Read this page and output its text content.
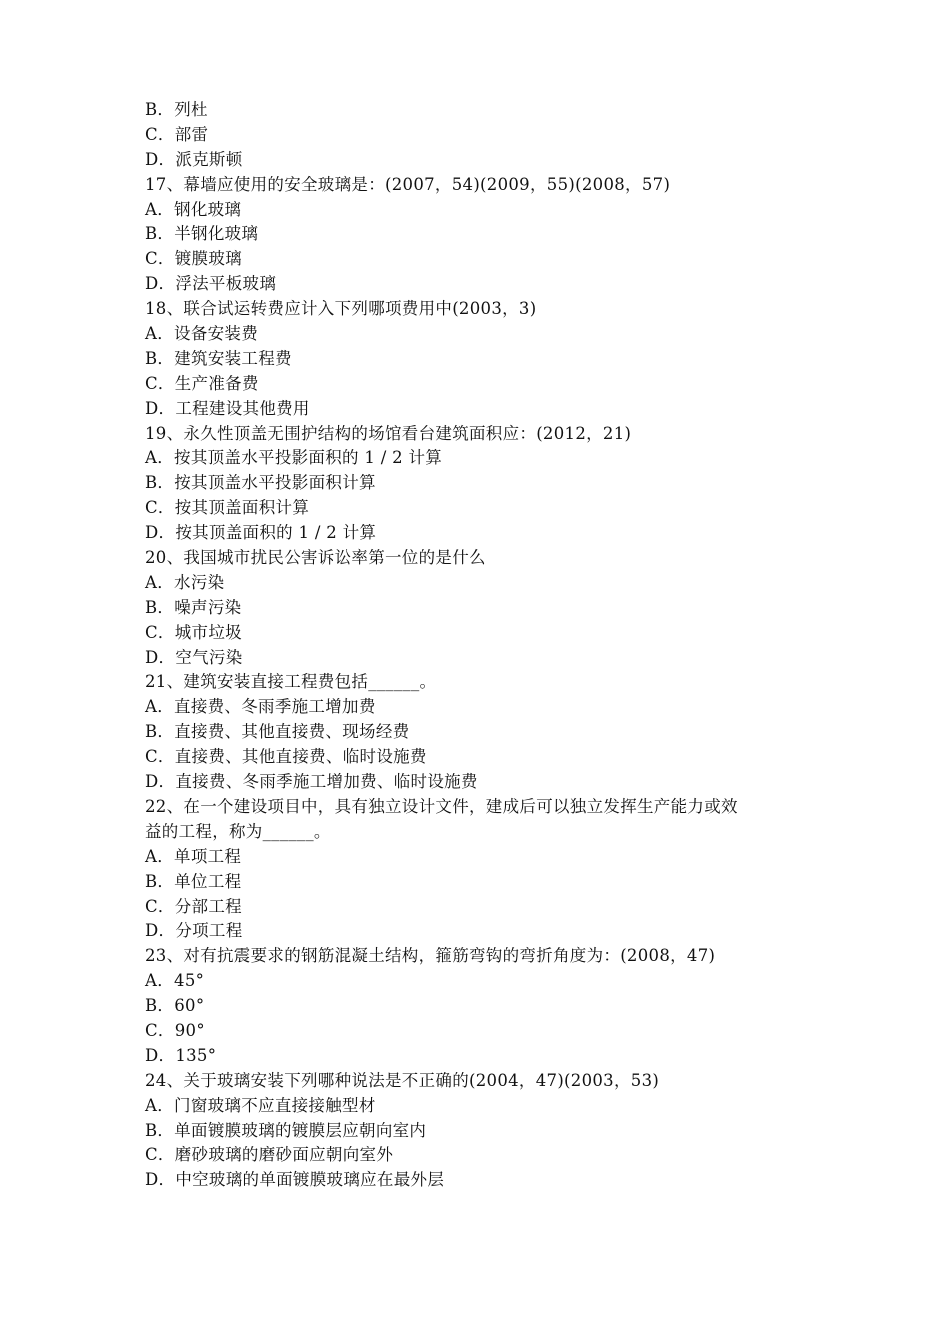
B．列杜
C．部雷
D．派克斯顿
17、幕墙应使用的安全玻璃是：(2007，54)(2009，55)(2008，57)
A．钢化玻璃
B．半钢化玻璃
C．镀膜玻璃
D．浮法平板玻璃
18、联合试运转费应计入下列哪项费用中(2003，3)
A．设备安装费
B．建筑安装工程费
C．生产准备费
D．工程建设其他费用
19、永久性顶盖无围护结构的场馆看台建筑面积应：(2012，21)
A．按其顶盖水平投影面积的 1 / 2 计算
B．按其顶盖水平投影面积计算
C．按其顶盖面积计算
D．按其顶盖面积的 1 / 2 计算
20、我国城市扰民公害诉讼率第一位的是什么
A．水污染
B．噪声污染
C．城市垃圾
D．空气污染
21、建筑安装直接工程费包括______。
A．直接费、冬雨季施工增加费
B．直接费、其他直接费、现场经费
C．直接费、其他直接费、临时设施费
D．直接费、冬雨季施工增加费、临时设施费
22、在一个建设项目中，具有独立设计文件，建成后可以独立发挥生产能力或效
益的工程，称为______。
A．单项工程
B．单位工程
C．分部工程
D．分项工程
23、对有抗震要求的钢筋混凝土结构，箍筋弯钩的弯折角度为：(2008，47)
A．45°
B．60°
C．90°
D．135°
24、关于玻璃安装下列哪种说法是不正确的(2004，47)(2003，53)
A．门窗玻璃不应直接接触型材
B．单面镀膜玻璃的镀膜层应朝向室内
C．磨砂玻璃的磨砂面应朝向室外
D．中空玻璃的单面镀膜玻璃应在最外层
